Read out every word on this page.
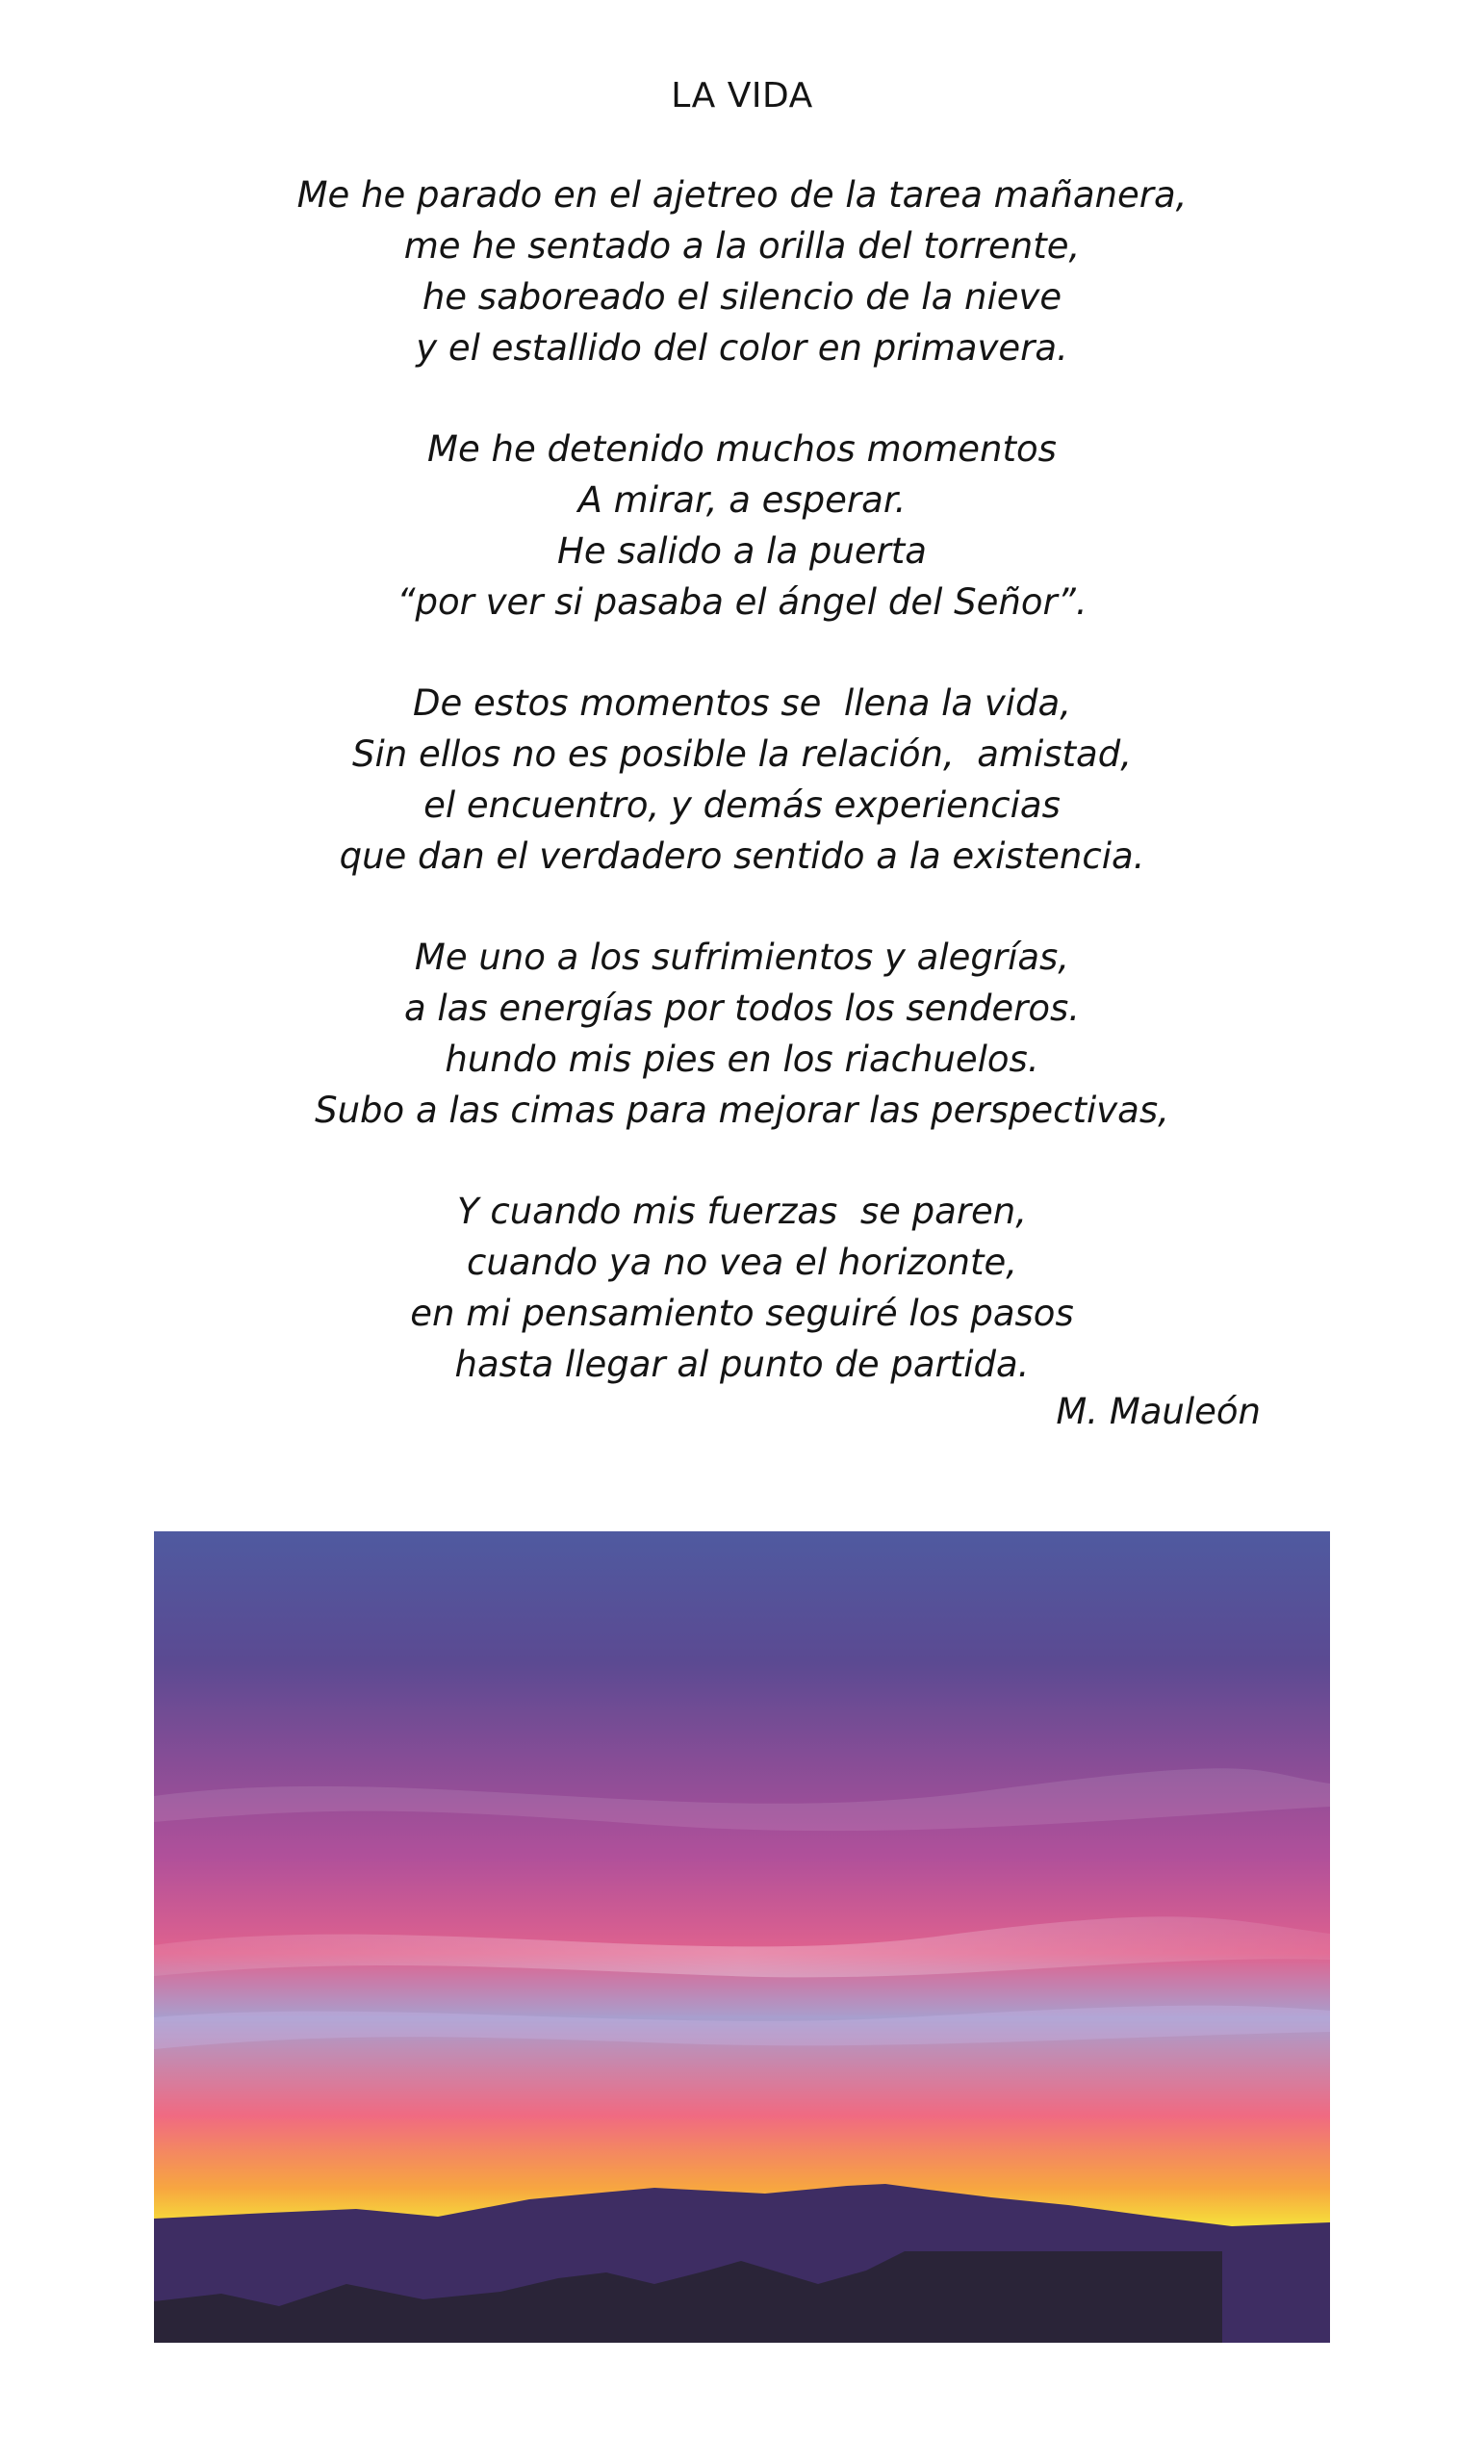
LA VIDA
Me he parado en el ajetreo de la tarea mañanera,
me he sentado a la orilla del torrente,
he saboreado el silencio de la nieve
y el estallido del color en primavera.
Me he detenido muchos momentos
A mirar, a esperar.
He salido a la puerta
“por ver si pasaba el ángel del Señor”.
De estos momentos se  llena la vida,
Sin ellos no es posible la relación,  amistad,
el encuentro, y demás experiencias
que dan el verdadero sentido a la existencia.
Me uno a los sufrimientos y alegrías,
a las energías por todos los senderos.
hundo mis pies en los riachuelos.
Subo a las cimas para mejorar las perspectivas,
Y cuando mis fuerzas  se paren,
cuando ya no vea el horizonte,
en mi pensamiento seguiré los pasos
hasta llegar al punto de partida.
M. Mauleón
